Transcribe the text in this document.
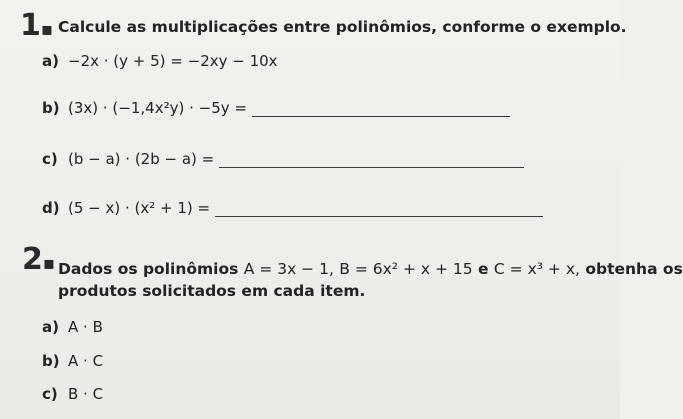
1▪ Calcule as multiplicações entre polinômios, conforme o exemplo.
a) −2x · (y + 5) = −2xy − 10x
b) (3x) · (−1,4x²y) · −5y =
c) (b − a) · (2b − a) =
d) (5 − x) · (x² + 1) =
2▪ Dados os polinômios A = 3x − 1, B = 6x² + x + 15 e C = x³ + x, obtenha os
produtos solicitados em cada item.
a) A · B
b) A · C
c) B · C
